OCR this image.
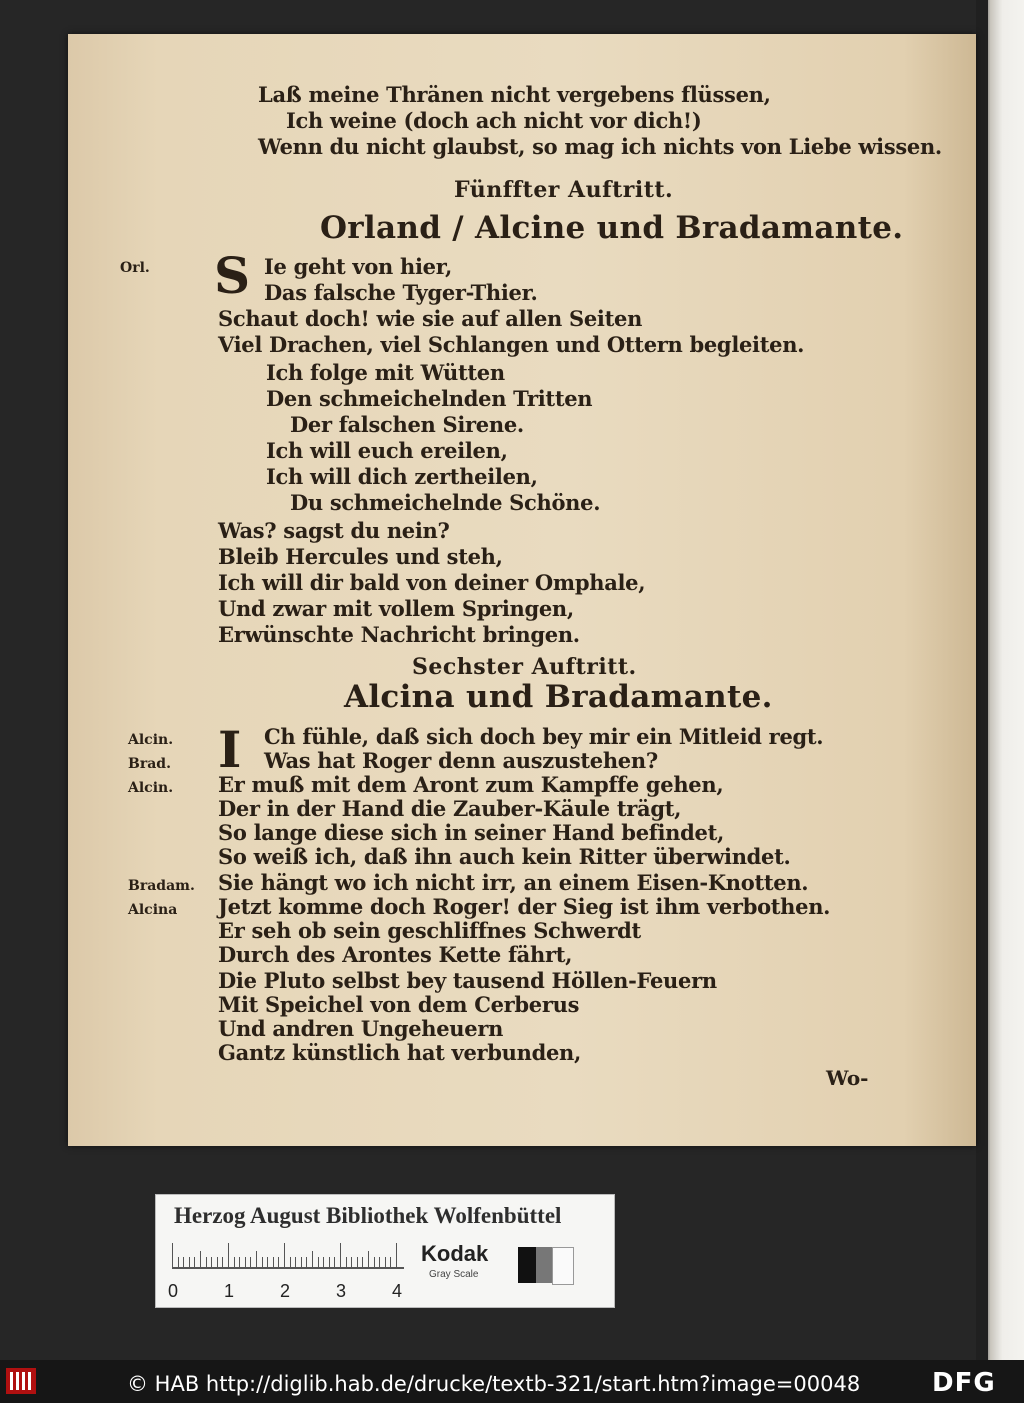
Laß meine Thränen nicht vergebens flüssen,
Ich weine (doch ach nicht vor dich!)
Wenn du nicht glaubst, so mag ich nichts von Liebe wissen.
Fünffter Auftritt.
Orland / Alcine und Bradamante.
Orl. S Ie geht von hier,
Das falsche Tyger-Thier.
Schaut doch! wie sie auf allen Seiten
Viel Drachen, viel Schlangen und Ottern begleiten.
Ich folge mit Wütten
Den schmeichelnden Tritten
Der falschen Sirene.
Ich will euch ereilen,
Ich will dich zertheilen,
Du schmeichelnde Schöne.
Was? sagst du nein?
Bleib Hercules und steh,
Ich will dir bald von deiner Omphale,
Und zwar mit vollem Springen,
Erwünschte Nachricht bringen.
Sechster Auftritt.
Alcina und Bradamante.
I
Alcin.
Brad.
Alcin.
Bradam.
Alcina
Ch fühle, daß sich doch bey mir ein Mitleid regt.
Was hat Roger denn auszustehen?
Er muß mit dem Aront zum Kampffe gehen,
Der in der Hand die Zauber-Käule trägt,
So lange diese sich in seiner Hand befindet,
So weiß ich, daß ihn auch kein Ritter überwindet.
Sie hängt wo ich nicht irr, an einem Eisen-Knotten.
Jetzt komme doch Roger! der Sieg ist ihm verbothen.
Er seh ob sein geschliffnes Schwerdt
Durch des Arontes Kette fährt,
Die Pluto selbst bey tausend Höllen-Feuern
Mit Speichel von dem Cerberus
Und andren Ungeheuern
Gantz künstlich hat verbunden,
Wo-
Herzog August Bibliothek Wolfenbüttel
0	1	2	3	4
Kodak
Gray Scale
© HAB http://diglib.hab.de/drucke/textb-321/start.htm?image=00048	DFG
